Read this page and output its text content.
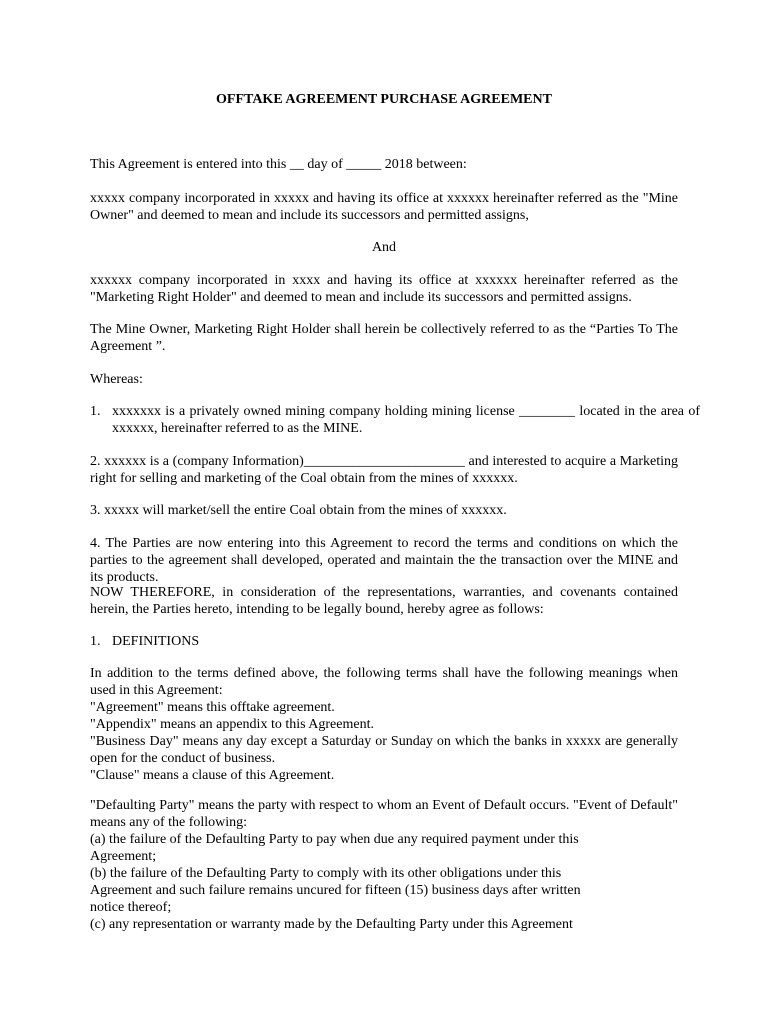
OFFTAKE AGREEMENT PURCHASE AGREEMENT
This Agreement is entered into this __ day of _____ 2018 between:
xxxxx company incorporated in xxxxx and having its office at xxxxxx hereinafter referred as the "Mine Owner" and deemed to mean and include its successors and permitted assigns,
And
xxxxxx company incorporated in xxxx and having its office at xxxxxx hereinafter referred as the "Marketing Right Holder" and deemed to mean and include its successors and permitted assigns.
The Mine Owner, Marketing Right Holder shall herein be collectively referred to as the “Parties To The Agreement ”.
Whereas:
1. xxxxxxx is a privately owned mining company holding mining license ________ located in the area of xxxxxx, hereinafter referred to as the MINE.
2. xxxxxx is a (company Information)_______________________ and interested to acquire a Marketing right for selling and marketing of the Coal obtain from the mines of xxxxxx.
3. xxxxx will market/sell the entire Coal obtain from the mines of xxxxxx.
4. The Parties are now entering into this Agreement to record the terms and conditions on which the parties to the agreement shall developed, operated and maintain the the transaction over the MINE and its products.
NOW THEREFORE, in consideration of the representations, warranties, and covenants contained herein, the Parties hereto, intending to be legally bound, hereby agree as follows:
1. DEFINITIONS
In addition to the terms defined above, the following terms shall have the following meanings when used in this Agreement:
"Agreement" means this offtake agreement.
"Appendix" means an appendix to this Agreement.
"Business Day" means any day except a Saturday or Sunday on which the banks in xxxxx are generally open for the conduct of business.
"Clause" means a clause of this Agreement.
"Defaulting Party" means the party with respect to whom an Event of Default occurs. "Event of Default" means any of the following:
(a) the failure of the Defaulting Party to pay when due any required payment under this
Agreement;
(b) the failure of the Defaulting Party to comply with its other obligations under this
Agreement and such failure remains uncured for fifteen (15) business days after written
notice thereof;
(c) any representation or warranty made by the Defaulting Party under this Agreement
